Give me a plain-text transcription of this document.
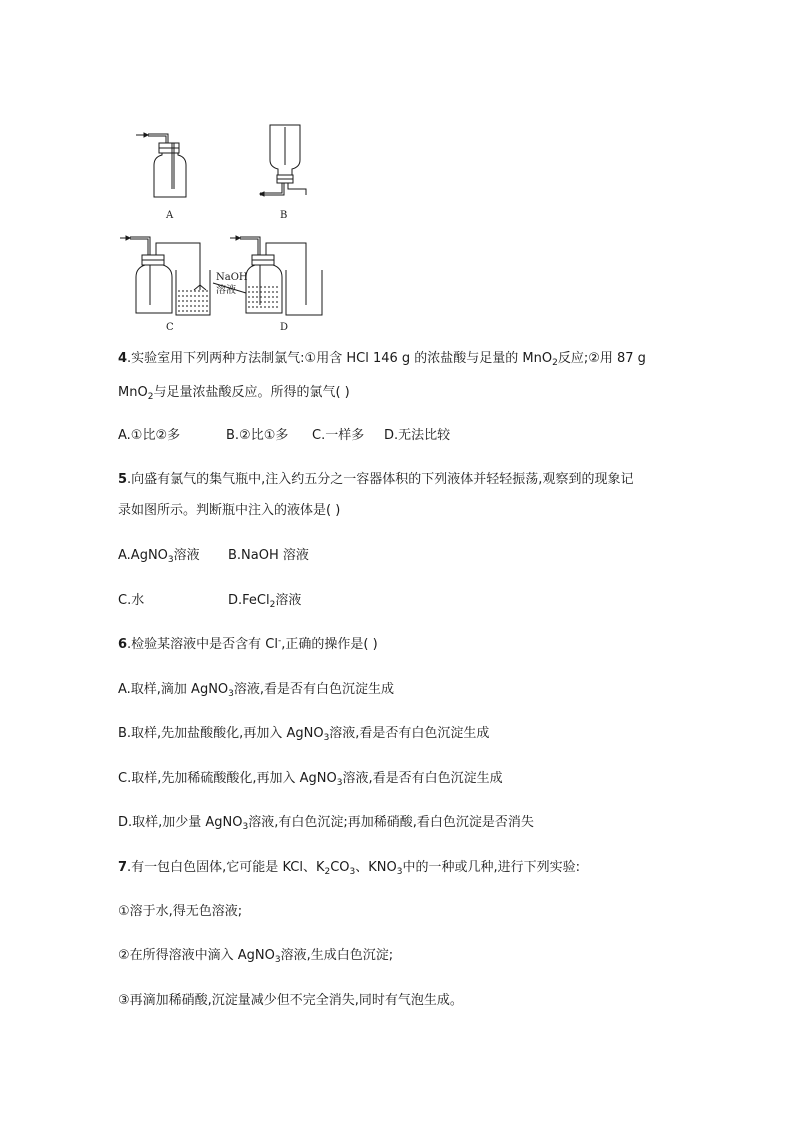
A	B
C	D
NaOH
溶液
4.实验室用下列两种方法制氯气:①用含 HCl 146 g 的浓盐酸与足量的 MnO$_2$反应;②用 87 g
MnO$_2$与足量浓盐酸反应。所得的氯气( )
A.①比②多	B.②比①多 C.一样多 D.无法比较
5.向盛有氯气的集气瓶中,注入约五分之一容器体积的下列液体并轻轻振荡,观察到的现象记
录如图所示。判断瓶中注入的液体是( )
A.AgNO$_3$溶液 B.NaOH 溶液
C.水	D.FeCl$_2$溶液
6.检验某溶液中是否含有 Cl-,正确的操作是( )
A.取样,滴加 AgNO$_3$溶液,看是否有白色沉淀生成
B.取样,先加盐酸酸化,再加入 AgNO$_3$溶液,看是否有白色沉淀生成
C.取样,先加稀硫酸酸化,再加入 AgNO$_3$溶液,看是否有白色沉淀生成
D.取样,加少量 AgNO$_3$溶液,有白色沉淀;再加稀硝酸,看白色沉淀是否消失
7.有一包白色固体,它可能是 KCl、$K_2CO_3$、$KNO_3$中的一种或几种,进行下列实验:
①溶于水,得无色溶液;
②在所得溶液中滴入 AgNO$_3$溶液,生成白色沉淀;
③再滴加稀硝酸,沉淀量减少但不完全消失,同时有气泡生成。
